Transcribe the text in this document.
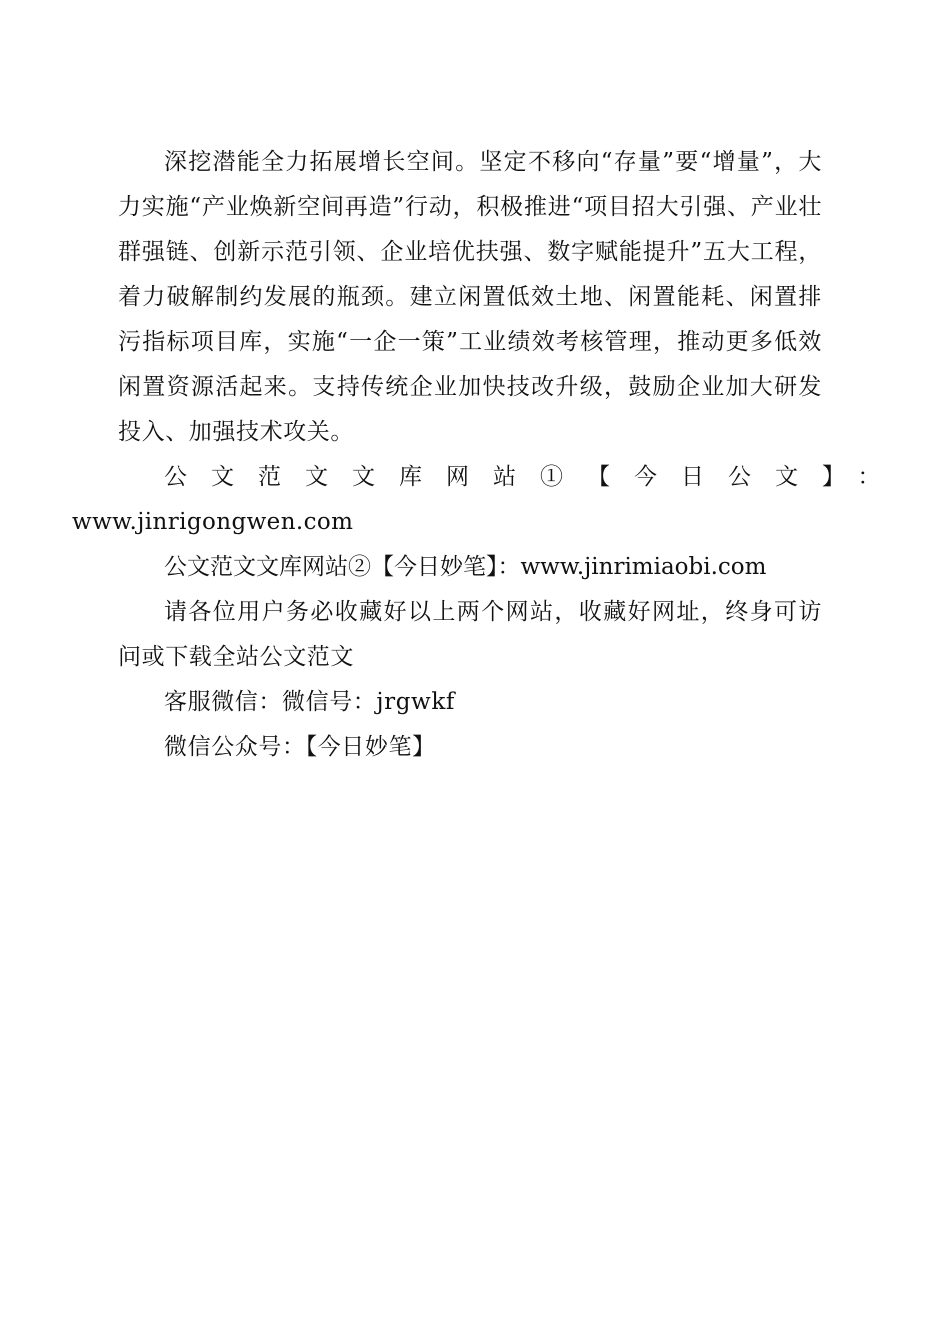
深挖潜能全力拓展增长空间。坚定不移向“存量”要“增量”，大力实施“产业焕新空间再造”行动，积极推进“项目招大引强、产业壮群强链、创新示范引领、企业培优扶强、数字赋能提升”五大工程，着力破解制约发展的瓶颈。建立闲置低效土地、闲置能耗、闲置排污指标项目库，实施“一企一策”工业绩效考核管理，推动更多低效闲置资源活起来。支持传统企业加快技改升级，鼓励企业加大研发投入、加强技术攻关。

公文范文文库网站①【今日公文】：
www.jinrigongwen.com

公文范文文库网站②【今日妙笔】：www.jinrimiaobi.com

请各位用户务必收藏好以上两个网站，收藏好网址，终身可访问或下载全站公文范文

客服微信：微信号：jrgwkf

微信公众号：【今日妙笔】
